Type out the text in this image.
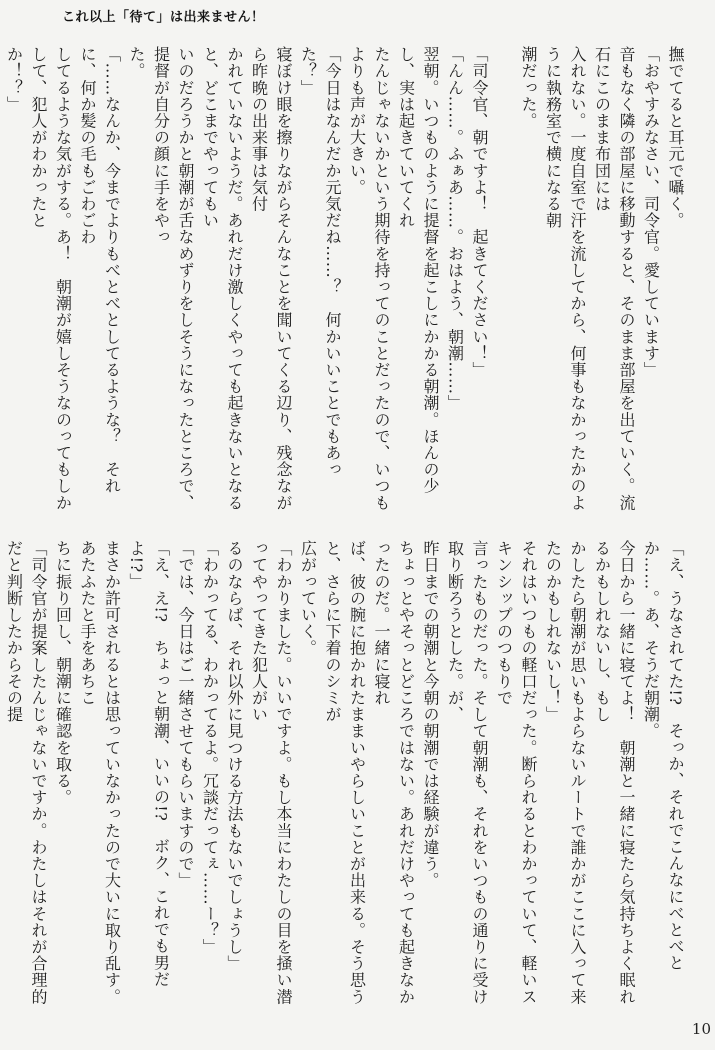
これ以上「待て」は出来ません！

撫でてると耳元で囁く。

「おやすみなさい、司令官。愛しています」

音もなく隣の部屋に移動すると、そのまま部屋を出ていく。流石にこのまま布団には

入れない。一度自室で汗を流してから、何事もなかったかのように執務室で横になる朝

潮だった。

「司令官、朝ですよ！　起きてください！」

「んん……。ふぁあ……。おはよう、朝潮……」

翌朝。いつものように提督を起こしにかかる朝潮。ほんの少し、実は起きていてくれ

たんじゃないかという期待を持ってのことだったので、いつもよりも声が大きい。

「今日はなんだか元気だね……？　何かいいことでもあった？」

寝ぼけ眼を擦りながらそんなことを聞いてくる辺り、残念ながら昨晩の出来事は気付

かれていないようだ。あれだけ激しくやっても起きないとなると、どこまでやってもい

いのだろうかと朝潮が舌なめずりをしそうになったところで、提督が自分の顔に手をやっ

た。

「……なんか、今までよりもべとべとしてるような？　それに、何か髪の毛もごわごわ

してるような気がする。あ！　朝潮が嬉しそうなのってもしかして、犯人がわかったと

か！？」

「え、うなされてた!?　そっか、それでこんなにべとべとか……。あ、そうだ朝潮。

今日から一緒に寝てよ！　朝潮と一緒に寝たら気持ちよく眠れるかもしれないし、もし

かしたら朝潮が思いもよらないルートで誰かがここに入って来たのかもしれないし！」

それはいつもの軽口だった。断られるとわかっていて、軽いスキンシップのつもりで

言ったものだった。そして朝潮も、それをいつもの通りに受け取り断ろうとした。が、

昨日までの朝潮と今朝の朝潮では経験が違う。

ちょっとやそっとどころではない。あれだけやっても起きなかったのだ。一緒に寝れ

ば、彼の腕に抱かれたままいやらしいことが出来る。そう思うと、さらに下着のシミが

広がっていく。

「わかりました。いいですよ。もし本当にわたしの目を掻い潜ってやってきた犯人がい

るのならば、それ以外に見つける方法もないでしょうし」

「わかってる、わかってるよ。冗談だってぇ……ー？」

「では、今日はご一緒させてもらいますので」

「え、え!?　ちょっと朝潮、いいの!?　ボク、これでも男だよ!?」

まさか許可されるとは思っていなかったので大いに取り乱す。あたふたと手をあちこ

ちに振り回し、朝潮に確認を取る。

「司令官が提案したんじゃないですか。わたしはそれが合理的だと判断したからその提

10
